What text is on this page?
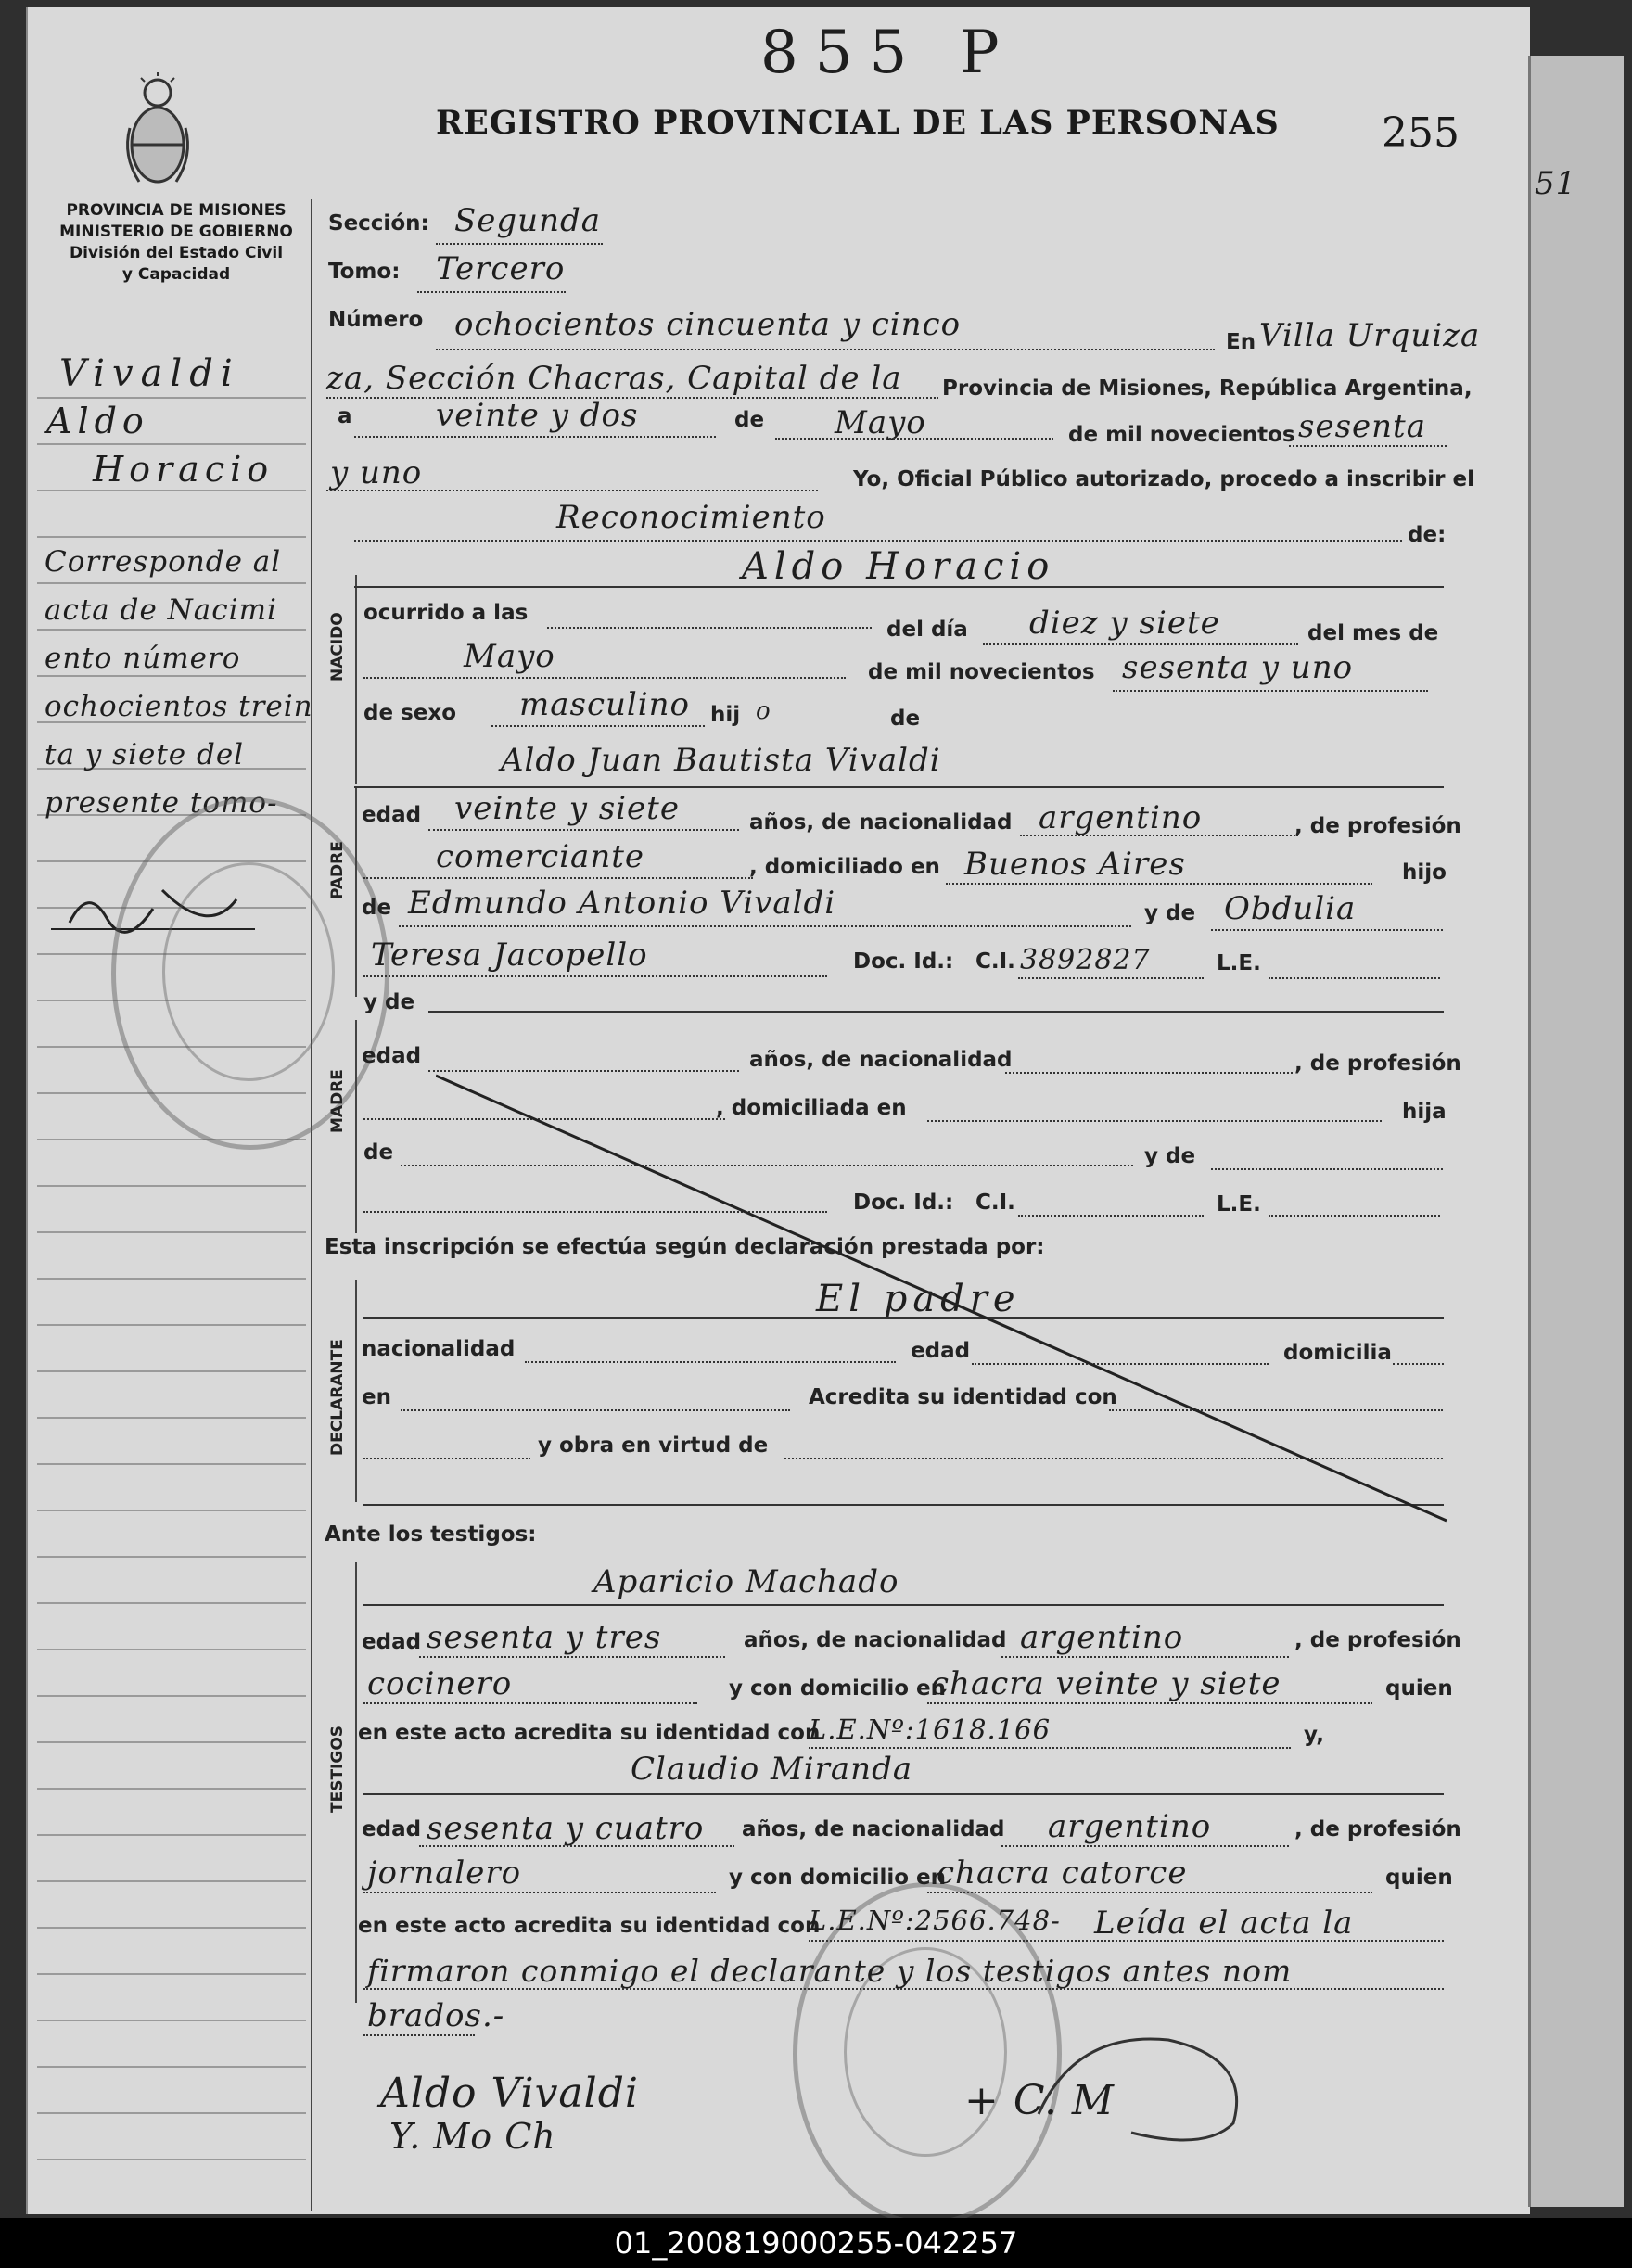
51
855 P
REGISTRO PROVINCIAL DE LAS PERSONAS	255
PROVINCIA DE MISIONES
MINISTERIO DE GOBIERNO
División del Estado Civil
y Capacidad
Vivaldi
Aldo
Horacio
Corresponde al
acta de Nacimi
ento número
ochocientos trein
ta y siete del
presente tomo-
NACIDO
PADRE
MADRE
DECLARANTE
TESTIGOS
Sección: Segunda
Tomo: Tercero
Número ochocientos cincuenta y cinco	En Villa Urquiza
za, Sección Chacras, Capital de la Provincia de Misiones, República Argentina,
a	veinte y dos	de Mayo	de mil novecientos sesenta
y uno	Yo, Oficial Público autorizado, procedo a inscribir el
Reconocimiento	de:
Aldo Horacio
ocurrido a las
del día diez y siete	del mes de
Mayo	de mil novecientos sesenta y uno
de sexo masculino hij o	de
Aldo Juan Bautista Vivaldi
edad veinte y siete	años, de nacionalidad argentino	, de profesión
comerciante	, domiciliado en Buenos Aires	hijo
de Edmundo Antonio Vivaldi	y de Obdulia
Teresa Jacopello	Doc. Id.: C.I. 3892827	L.E.
y de
edad	años, de nacionalidad	, de profesión
, domiciliada en	hija
de	y de
Doc. Id.: C.I.	L.E.
Esta inscripción se efectúa según declaración prestada por:
El padre
nacionalidad	edad	domicilia
en	Acredita su identidad con
y obra en virtud de
Ante los testigos:
Aparicio Machado
edad sesenta y tres	años, de nacionalidad argentino	, de profesión
cocinero	y con domicilio en
chacra veinte y siete	quien
en este acto acredita su identidad con
L.E.Nº:1618.166	y,
Claudio Miranda
edad sesenta y cuatro años, de nacionalidad argentino	, de profesión
jornalero	y con domicilio en
chacra catorce	quien
en este acto acredita su identidad con
L.E.Nº:2566.748- Leída el acta la
firmaron conmigo el declarante y los testigos antes nom
brados.-
Aldo Vivaldi
Y. Mo Ch
+ C. M
01_200819000255-042257
